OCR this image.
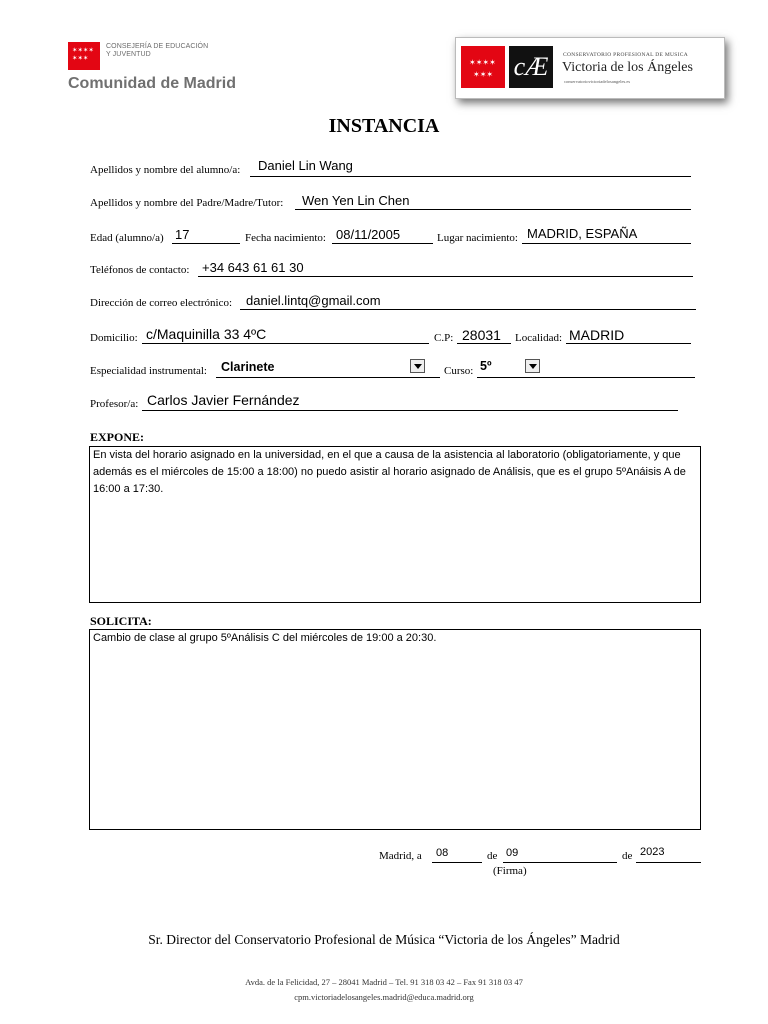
✶✶✶✶
✶✶✶
CONSEJERÍA DE EDUCACIÓN
Y JUVENTUD
Comunidad de Madrid
✶✶✶✶
✶✶✶ cÆ	CONSERVATORIO PROFESIONAL DE MUSICA
Victoria de los Ángeles
conservatoriovictoriadelosangeles.es
INSTANCIA
Apellidos y nombre del alumno/a: Daniel Lin Wang
Apellidos y nombre del Padre/Madre/Tutor: Wen Yen Lin Chen
Edad (alumno/a) 17	Fecha nacimiento: 08/11/2005	Lugar nacimiento: MADRID, ESPAÑA
Teléfonos de contacto: +34 643 61 61 30
Dirección de correo electrónico: daniel.lintq@gmail.com
Domicilio: c/Maquinilla 33 4ºC	C.P: 28031 Localidad: MADRID
Especialidad instrumental: Clarinete	Curso: 5º
Profesor/a: Carlos Javier Fernández
EXPONE:
En vista del horario asignado en la universidad, en el que a causa de la asistencia al laboratorio (obligatoriamente, y que además es el miércoles de 15:00 a 18:00) no puedo asistir al horario asignado de Análisis, que es el grupo 5ºAnáisis A de 16:00 a 17:30.
SOLICITA:
Cambio de clase al grupo 5ºAnálisis C del miércoles de 19:00 a 20:30.
Madrid, a 08	de 09	de 2023
(Firma)
Sr. Director del Conservatorio Profesional de Música “Victoria de los Ángeles” Madrid
Avda. de la Felicidad, 27 – 28041 Madrid – Tel. 91 318 03 42 – Fax 91 318 03 47
cpm.victoriadelosangeles.madrid@educa.madrid.org
